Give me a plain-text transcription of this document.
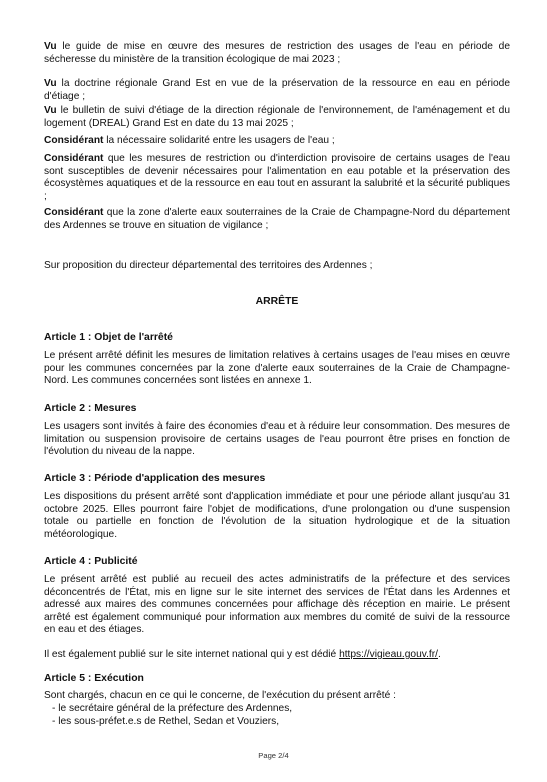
Vu le guide de mise en œuvre des mesures de restriction des usages de l'eau en période de sécheresse du ministère de la transition écologique de mai 2023 ;

Vu la doctrine régionale Grand Est en vue de la préservation de la ressource en eau en période d'étiage ;

Vu le bulletin de suivi d'étiage de la direction régionale de l'environnement, de l'aménagement et du logement (DREAL) Grand Est en date du 13 mai 2025 ;

Considérant la nécessaire solidarité entre les usagers de l'eau ;

Considérant que les mesures de restriction ou d'interdiction provisoire de certains usages de l'eau sont susceptibles de devenir nécessaires pour l'alimentation en eau potable et la préservation des écosystèmes aquatiques et de la ressource en eau tout en assurant la salubrité et la sécurité publiques ;

Considérant que la zone d'alerte eaux souterraines de la Craie de Champagne-Nord du département des Ardennes se trouve en situation de vigilance ;

Sur proposition du directeur départemental des territoires des Ardennes ;

ARRÊTE

Article 1 : Objet de l'arrêté

Le présent arrêté définit les mesures de limitation relatives à certains usages de l'eau mises en œuvre pour les communes concernées par la zone d'alerte eaux souterraines de la Craie de Champagne-Nord. Les communes concernées sont listées en annexe 1.

Article 2 : Mesures

Les usagers sont invités à faire des économies d'eau et à réduire leur consommation. Des mesures de limitation ou suspension provisoire de certains usages de l'eau pourront être prises en fonction de l'évolution du niveau de la nappe.

Article 3 : Période d'application des mesures

Les dispositions du présent arrêté sont d'application immédiate et pour une période allant jusqu'au 31 octobre 2025. Elles pourront faire l'objet de modifications, d'une prolongation ou d'une suspension totale ou partielle en fonction de l'évolution de la situation hydrologique et de la situation météorologique.

Article 4 : Publicité

Le présent arrêté est publié au recueil des actes administratifs de la préfecture et des services déconcentrés de l'État, mis en ligne sur le site internet des services de l'État dans les Ardennes et adressé aux maires des communes concernées pour affichage dès réception en mairie. Le présent arrêté est également communiqué pour information aux membres du comité de suivi de la ressource en eau et des étiages.

Il est également publié sur le site internet national qui y est dédié https://vigieau.gouv.fr/.

Article 5 : Exécution

Sont chargés, chacun en ce qui le concerne, de l'exécution du présent arrêté :

- le secrétaire général de la préfecture des Ardennes,
- les sous-préfet.e.s de Rethel, Sedan et Vouziers,
Page 2/4
